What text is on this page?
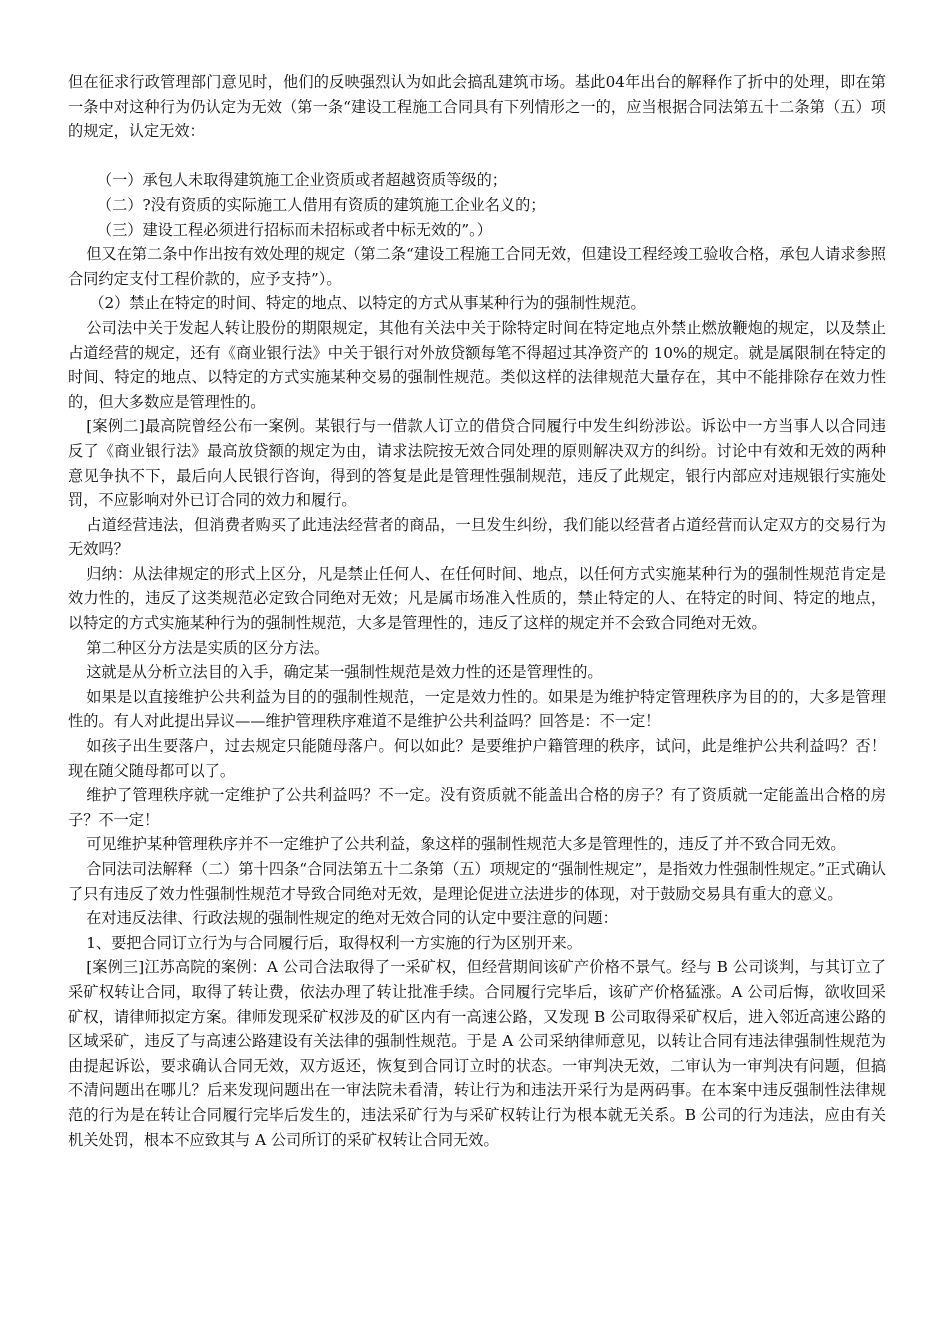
但在征求行政管理部门意见时，他们的反映强烈认为如此会搞乱建筑市场。基此04年出台的解释作了折中的处理，即在第一条中对这种行为仍认定为无效（第一条“建设工程施工合同具有下列情形之一的，应当根据合同法第五十二条第（五）项的规定，认定无效：

（一）承包人未取得建筑施工企业资质或者超越资质等级的；

（二）?没有资质的实际施工人借用有资质的建筑施工企业名义的；

（三）建设工程必须进行招标而未招标或者中标无效的”。）

但又在第二条中作出按有效处理的规定（第二条“建设工程施工合同无效，但建设工程经竣工验收合格，承包人请求参照合同约定支付工程价款的，应予支持”）。

（2）禁止在特定的时间、特定的地点、以特定的方式从事某种行为的强制性规范。

公司法中关于发起人转让股份的期限规定，其他有关法中关于除特定时间在特定地点外禁止燃放鞭炮的规定，以及禁止占道经营的规定，还有《商业银行法》中关于银行对外放贷额每笔不得超过其净资产的 10%的规定。就是属限制在特定的时间、特定的地点、以特定的方式实施某种交易的强制性规范。类似这样的法律规范大量存在，其中不能排除存在效力性的，但大多数应是管理性的。

[案例二]最高院曾经公布一案例。某银行与一借款人订立的借贷合同履行中发生纠纷涉讼。诉讼中一方当事人以合同违反了《商业银行法》最高放贷额的规定为由，请求法院按无效合同处理的原则解决双方的纠纷。讨论中有效和无效的两种意见争执不下，最后向人民银行咨询，得到的答复是此是管理性强制规范，违反了此规定，银行内部应对违规银行实施处罚，不应影响对外已订合同的效力和履行。

占道经营违法，但消费者购买了此违法经营者的商品，一旦发生纠纷，我们能以经营者占道经营而认定双方的交易行为无效吗？

归纳：从法律规定的形式上区分，凡是禁止任何人、在任何时间、地点，以任何方式实施某种行为的强制性规范肯定是效力性的，违反了这类规范必定致合同绝对无效；凡是属市场准入性质的，禁止特定的人、在特定的时间、特定的地点，以特定的方式实施某种行为的强制性规范，大多是管理性的，违反了这样的规定并不会致合同绝对无效。

第二种区分方法是实质的区分方法。

这就是从分析立法目的入手，确定某一强制性规范是效力性的还是管理性的。

如果是以直接维护公共利益为目的的强制性规范，一定是效力性的。如果是为维护特定管理秩序为目的的，大多是管理性的。有人对此提出异议——维护管理秩序难道不是维护公共利益吗？回答是：不一定！

如孩子出生要落户，过去规定只能随母落户。何以如此？是要维护户籍管理的秩序，试问，此是维护公共利益吗？否！现在随父随母都可以了。

维护了管理秩序就一定维护了公共利益吗？不一定。没有资质就不能盖出合格的房子？有了资质就一定能盖出合格的房子？不一定！

可见维护某种管理秩序并不一定维护了公共利益，象这样的强制性规范大多是管理性的，违反了并不致合同无效。

合同法司法解释（二）第十四条“合同法第五十二条第（五）项规定的“强制性规定”，是指效力性强制性规定。”正式确认了只有违反了效力性强制性规范才导致合同绝对无效，是理论促进立法进步的体现，对于鼓励交易具有重大的意义。

在对违反法律、行政法规的强制性规定的绝对无效合同的认定中要注意的问题：

1、要把合同订立行为与合同履行后，取得权利一方实施的行为区别开来。

[案例三]江苏高院的案例：A 公司合法取得了一采矿权，但经营期间该矿产价格不景气。经与 B 公司谈判，与其订立了采矿权转让合同，取得了转让费，依法办理了转让批准手续。合同履行完毕后，该矿产价格猛涨。A 公司后悔，欲收回采矿权，请律师拟定方案。律师发现采矿权涉及的矿区内有一高速公路，又发现 B 公司取得采矿权后，进入邻近高速公路的区域采矿，违反了与高速公路建设有关法律的强制性规范。于是 A 公司采纳律师意见，以转让合同有违法律强制性规范为由提起诉讼，要求确认合同无效，双方返还，恢复到合同订立时的状态。一审判决无效，二审认为一审判决有问题，但搞不清问题出在哪儿？后来发现问题出在一审法院未看清，转让行为和违法开采行为是两码事。在本案中违反强制性法律规范的行为是在转让合同履行完毕后发生的，违法采矿行为与采矿权转让行为根本就无关系。B 公司的行为违法，应由有关机关处罚，根本不应致其与 A 公司所订的采矿权转让合同无效。
